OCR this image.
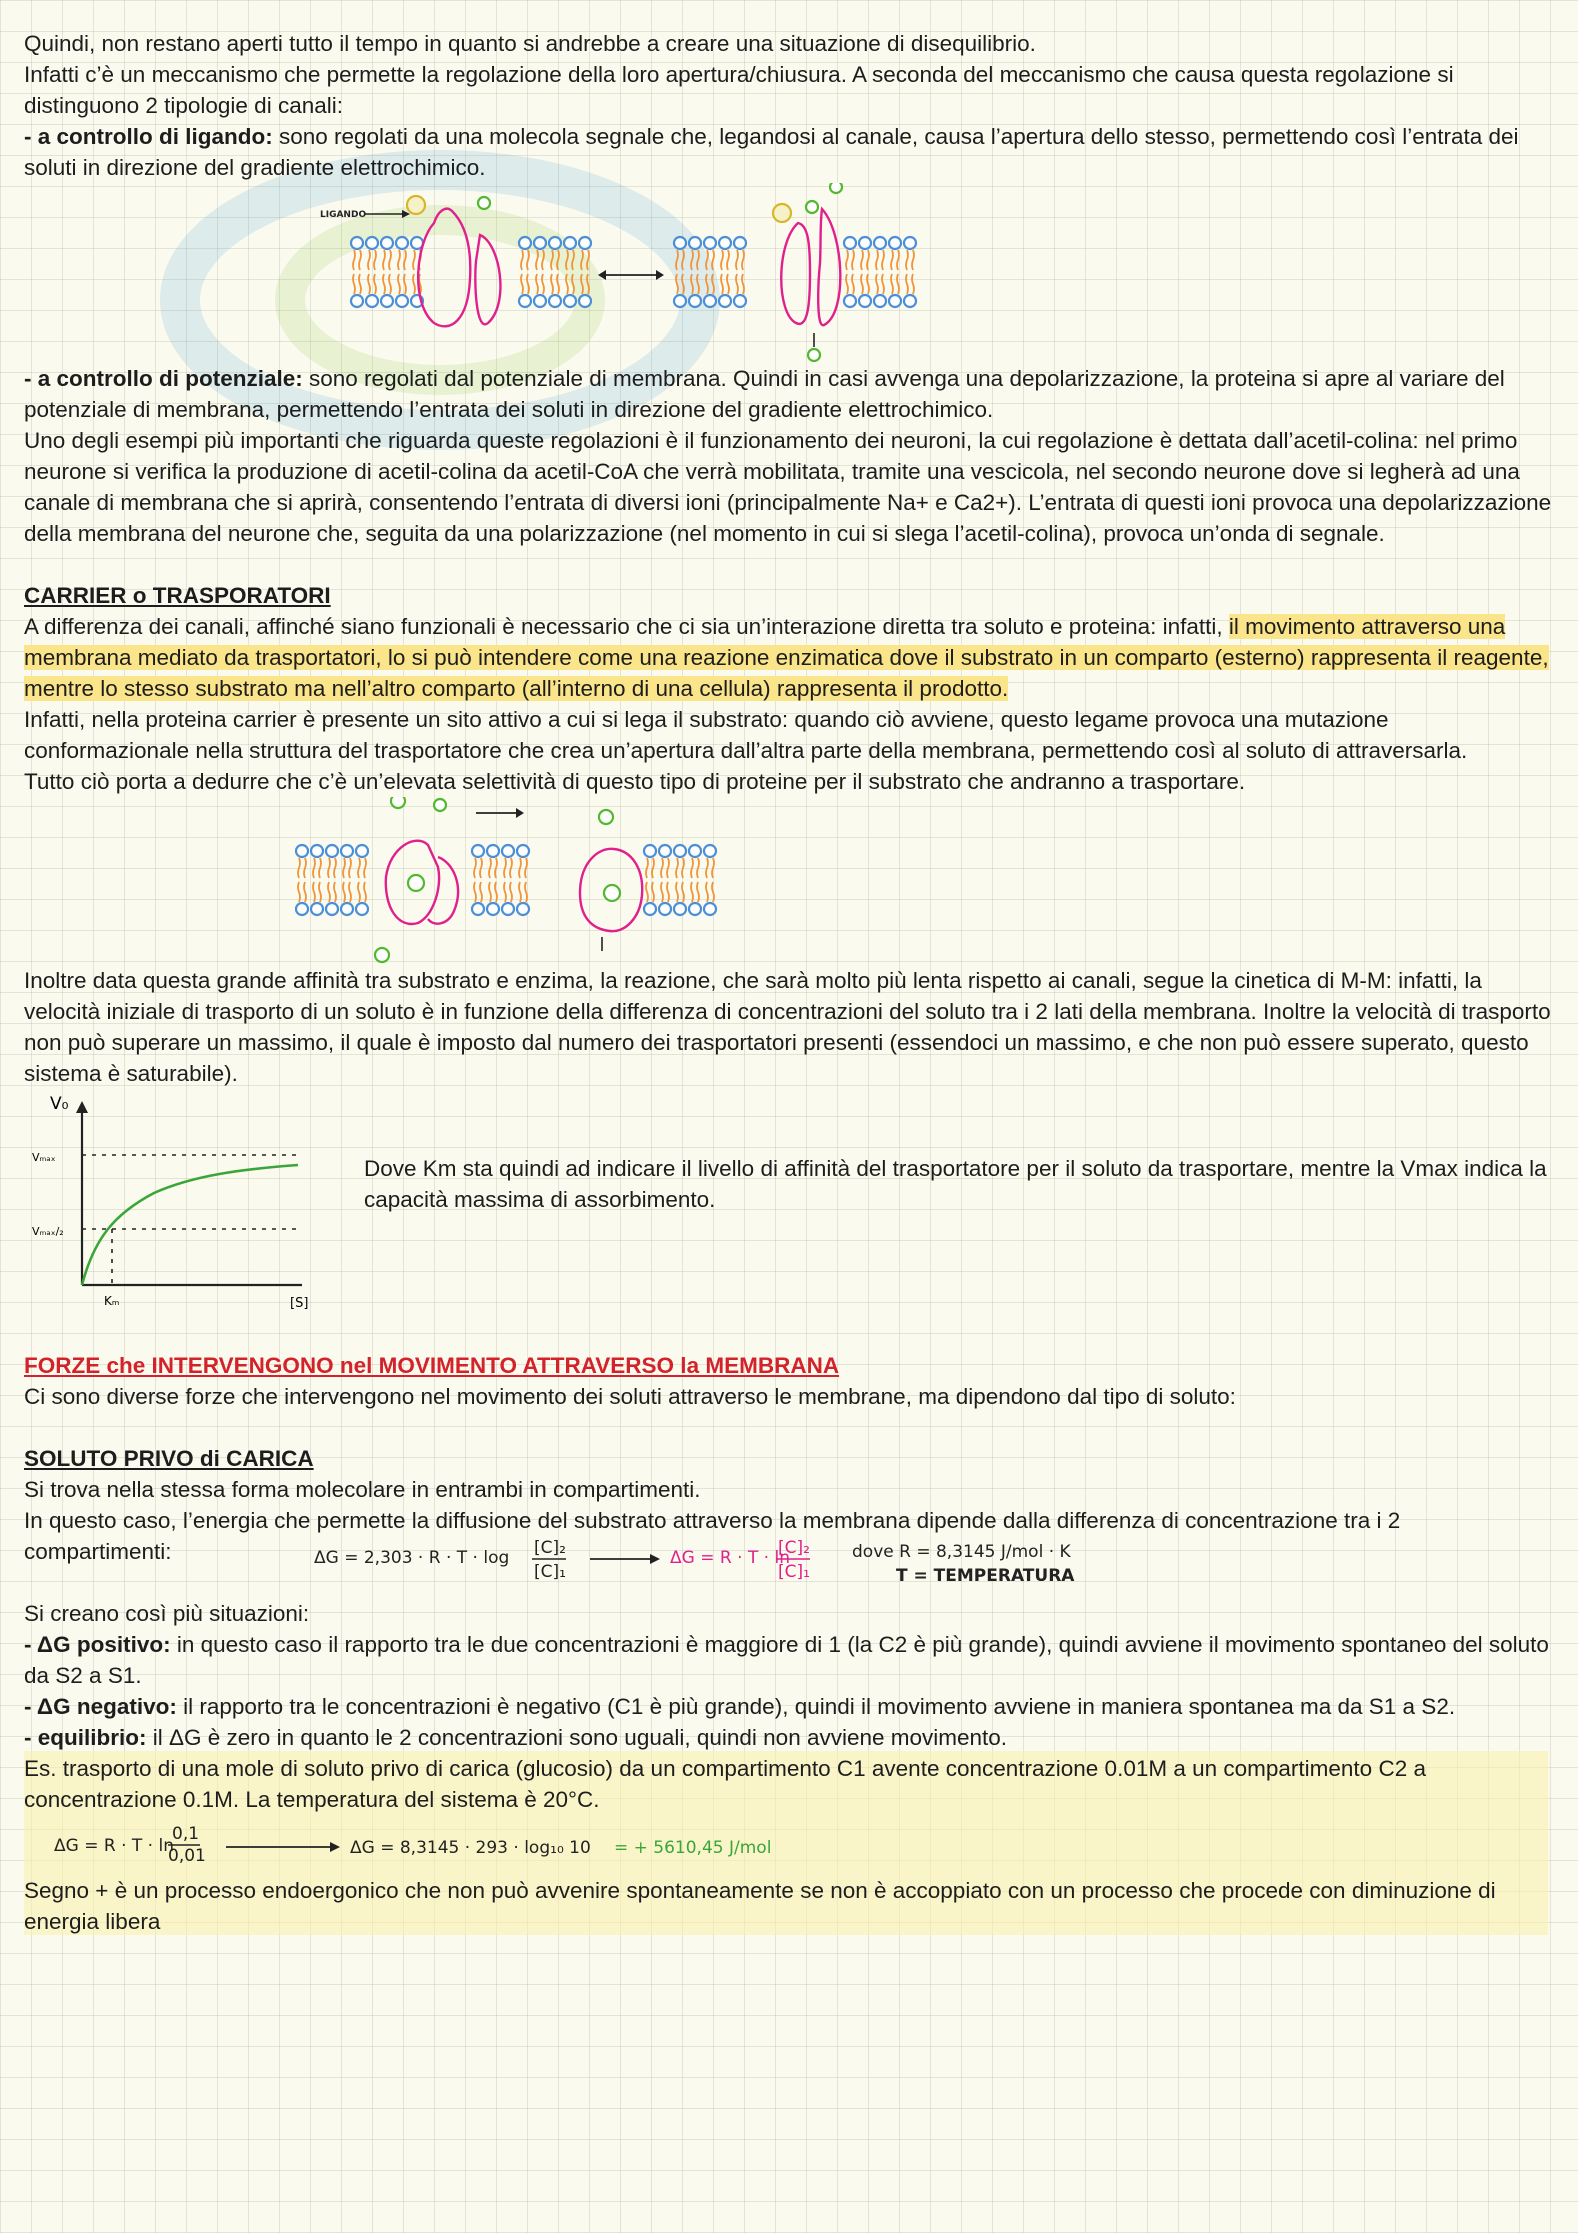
Quindi, non restano aperti tutto il tempo in quanto si andrebbe a creare una situazione di disequilibrio.

Infatti c’è un meccanismo che permette la regolazione della loro apertura/chiusura. A seconda del meccanismo che causa questa regolazione si distinguono 2 tipologie di canali:

- a controllo di ligando: sono regolati da una molecola segnale che, legandosi al canale, causa l’apertura dello stesso, permettendo così l’entrata dei soluti in direzione del gradiente elettrochimico.

LIGANDO

- a controllo di potenziale: sono regolati dal potenziale di membrana. Quindi in casi avvenga una depolarizzazione, la proteina si apre al variare del potenziale di membrana, permettendo l’entrata dei soluti in direzione del gradiente elettrochimico.

Uno degli esempi più importanti che riguarda queste regolazioni è il funzionamento dei neuroni, la cui regolazione è dettata dall’acetil-colina: nel primo neurone si verifica la produzione di acetil-colina da acetil-CoA che verrà mobilitata, tramite una vescicola, nel secondo neurone dove si legherà ad una canale di membrana che si aprirà, consentendo l’entrata di diversi ioni (principalmente Na+ e Ca2+). L’entrata di questi ioni provoca una depolarizzazione della membrana del neurone che, seguita da una polarizzazione (nel momento in cui si slega l’acetil-colina), provoca un’onda di segnale.

CARRIER o TRASPORATORI

A differenza dei canali, affinché siano funzionali è necessario che ci sia un’interazione diretta tra soluto e proteina: infatti, il movimento attraverso una membrana mediato da trasportatori, lo si può intendere come una reazione enzimatica dove il substrato in un comparto (esterno) rappresenta il reagente, mentre lo stesso substrato ma nell’altro comparto (all’interno di una cellula) rappresenta il prodotto.

Infatti, nella proteina carrier è presente un sito attivo a cui si lega il substrato: quando ciò avviene, questo legame provoca una mutazione conformazionale nella struttura del trasportatore che crea un’apertura dall’altra parte della membrana, permettendo così al soluto di attraversarla.

Tutto ciò porta a dedurre che c’è un’elevata selettività di questo tipo di proteine per il substrato che andranno a trasportare.

Inoltre data questa grande affinità tra substrato e enzima, la reazione, che sarà molto più lenta rispetto ai canali, segue la cinetica di M-M: infatti, la velocità iniziale di trasporto di un soluto è in funzione della differenza di concentrazioni del soluto tra i 2 lati della membrana. Inoltre la velocità di trasporto non può superare un massimo, il quale è imposto dal numero dei trasportatori presenti (essendoci un massimo, e che non può essere superato, questo sistema è saturabile).

V₀
Vₘₐₓ
Vₘₐₓ/₂
Kₘ	[S]

Dove Km sta quindi ad indicare il livello di affinità del trasportatore per il soluto da trasportare, mentre la Vmax indica la capacità massima di assorbimento.

FORZE che INTERVENGONO nel MOVIMENTO ATTRAVERSO la MEMBRANA

Ci sono diverse forze che intervengono nel movimento dei soluti attraverso le membrane, ma dipendono dal tipo di soluto:

SOLUTO PRIVO di CARICA

Si trova nella stessa forma molecolare in entrambi in compartimenti.

In questo caso, l’energia che permette la diffusione del substrato attraverso la membrana dipende dalla differenza di concentrazione tra i 2 compartimenti:	ΔG = 2,303 · R · T · log [C]₂
[C]₁
ΔG = R · T · ln
[C]₂
[C]₁
dove R = 8,3145 J/mol · K
T = TEMPERATURA

Si creano così più situazioni:

- ΔG positivo: in questo caso il rapporto tra le due concentrazioni è maggiore di 1 (la C2 è più grande), quindi avviene il movimento spontaneo del soluto da S2 a S1.

- ΔG negativo: il rapporto tra le concentrazioni è negativo (C1 è più grande), quindi il movimento avviene in maniera spontanea ma da S1 a S2.

- equilibrio: il ΔG è zero in quanto le 2 concentrazioni sono uguali, quindi non avviene movimento.

Es. trasporto di una mole di soluto privo di carica (glucosio) da un compartimento C1 avente concentrazione 0.01M a un compartimento C2 a concentrazione 0.1M. La temperatura del sistema è 20°C.

ΔG = R · T · ln
0,1
0,01	ΔG = 8,3145 · 293 · log₁₀ 10 = + 5610,45 J/mol

Segno + è un processo endoergonico che non può avvenire spontaneamente se non è accoppiato con un processo che procede con diminuzione di energia libera
